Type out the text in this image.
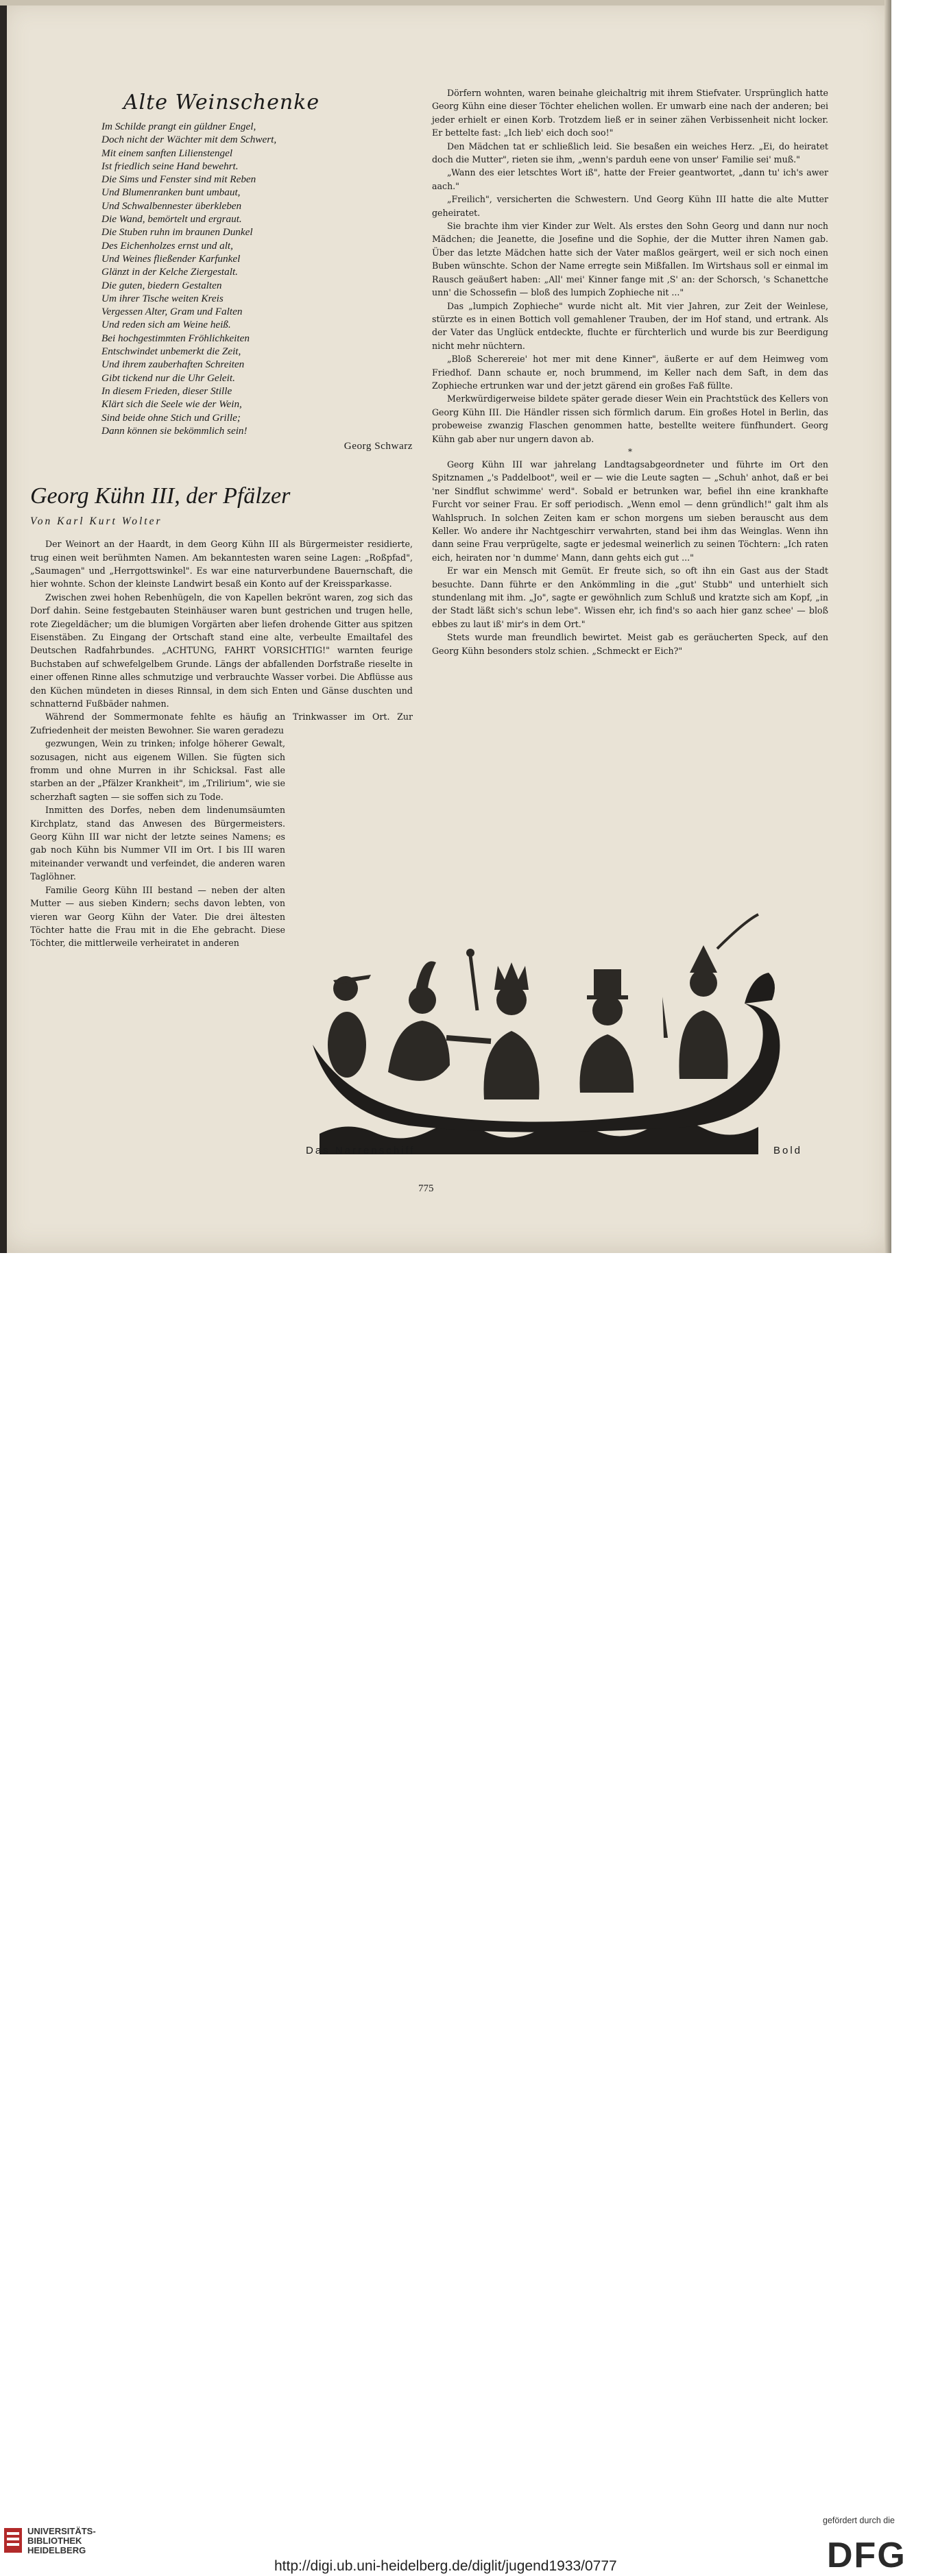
Alte Weinschenke
Im Schilde prangt ein güldner Engel,
Doch nicht der Wächter mit dem Schwert,
Mit einem sanften Lilienstengel
Ist friedlich seine Hand bewehrt.
Die Sims und Fenster sind mit Reben
Und Blumenranken bunt umbaut,
Und Schwalbennester überkleben
Die Wand, bemörtelt und ergraut.
Die Stuben ruhn im braunen Dunkel
Des Eichenholzes ernst und alt,
Und Weines fließender Karfunkel
Glänzt in der Kelche Ziergestalt.
Die guten, biedern Gestalten
Um ihrer Tische weiten Kreis
Vergessen Alter, Gram und Falten
Und reden sich am Weine heiß.
Bei hochgestimmten Fröhlichkeiten
Entschwindet unbemerkt die Zeit,
Und ihrem zauberhaften Schreiten
Gibt tickend nur die Uhr Geleit.
In diesem Frieden, dieser Stille
Klärt sich die Seele wie der Wein,
Sind beide ohne Stich und Grille;
Dann können sie bekömmlich sein!
Georg Schwarz
Georg Kühn III, der Pfälzer
Von Karl Kurt Wolter

Der Weinort an der Haardt, in dem Georg Kühn III als Bürgermeister residierte, trug einen weit berühmten Namen. Am bekanntesten waren seine Lagen: „Roßpfad", „Saumagen" und „Herrgottswinkel". Es war eine naturverbundene Bauernschaft, die hier wohnte. Schon der kleinste Landwirt besaß ein Konto auf der Kreissparkasse.

Zwischen zwei hohen Rebenhügeln, die von Kapellen bekrönt waren, zog sich das Dorf dahin. Seine festgebauten Steinhäuser waren bunt gestrichen und trugen helle, rote Ziegeldächer; um die blumigen Vorgärten aber liefen drohende Gitter aus spitzen Eisenstäben. Zu Eingang der Ortschaft stand eine alte, verbeulte Emailtafel des Deutschen Radfahrbundes. „ACHTUNG, FAHRT VORSICHTIG!" warnten feurige Buchstaben auf schwefelgelbem Grunde. Längs der abfallenden Dorfstraße rieselte in einer offenen Rinne alles schmutzige und verbrauchte Wasser vorbei. Die Abflüsse aus den Küchen mündeten in dieses Rinnsal, in dem sich Enten und Gänse duschten und schnatternd Fußbäder nahmen.

Während der Sommermonate fehlte es häufig an Trinkwasser im Ort. Zur Zufriedenheit der meisten Bewohner. Sie waren geradezu

gezwungen, Wein zu trinken; infolge höherer Gewalt, sozusagen, nicht aus eigenem Willen. Sie fügten sich fromm und ohne Murren in ihr Schicksal. Fast alle starben an der „Pfälzer Krankheit", im „Trilirium", wie sie scherzhaft sagten — sie soffen sich zu Tode.

Inmitten des Dorfes, neben dem lindenumsäumten Kirchplatz, stand das Anwesen des Bürgermeisters. Georg Kühn III war nicht der letzte seines Namens; es gab noch Kühn bis Nummer VII im Ort. I bis III waren miteinander verwandt und verfeindet, die anderen waren Taglöhner.

Familie Georg Kühn III bestand — neben der alten Mutter — aus sieben Kindern; sechs davon lebten, von vieren war Georg Kühn der Vater. Die drei ältesten Töchter hatte die Frau mit in die Ehe gebracht. Diese Töchter, die mittlerweile verheiratet in anderen

Dörfern wohnten, waren beinahe gleichaltrig mit ihrem Stiefvater. Ursprünglich hatte Georg Kühn eine dieser Töchter ehelichen wollen. Er umwarb eine nach der anderen; bei jeder erhielt er einen Korb. Trotzdem ließ er in seiner zähen Verbissenheit nicht locker. Er bettelte fast: „Ich lieb' eich doch soo!"

Den Mädchen tat er schließlich leid. Sie besaßen ein weiches Herz. „Ei, do heiratet doch die Mutter", rieten sie ihm, „wenn's parduh eene von unser' Familie sei' muß."

„Wann des eier letschtes Wort iß", hatte der Freier geantwortet, „dann tu' ich's awer aach."

„Freilich", versicherten die Schwestern. Und Georg Kühn III hatte die alte Mutter geheiratet.

Sie brachte ihm vier Kinder zur Welt. Als erstes den Sohn Georg und dann nur noch Mädchen; die Jeanette, die Josefine und die Sophie, der die Mutter ihren Namen gab. Über das letzte Mädchen hatte sich der Vater maßlos geärgert, weil er sich noch einen Buben wünschte. Schon der Name erregte sein Mißfallen. Im Wirtshaus soll er einmal im Rausch geäußert haben: „All' mei' Kinner fange mit ‚S' an: der Schorsch, 's Schanettche unn' die Schossefin — bloß des lumpich Zophieche nit ..."

Das „lumpich Zophieche" wurde nicht alt. Mit vier Jahren, zur Zeit der Weinlese, stürzte es in einen Bottich voll gemahlener Trauben, der im Hof stand, und ertrank. Als der Vater das Unglück entdeckte, fluchte er fürchterlich und wurde bis zur Beerdigung nicht mehr nüchtern.

„Bloß Scherereie' hot mer mit dene Kinner", äußerte er auf dem Heimweg vom Friedhof. Dann schaute er, noch brummend, im Keller nach dem Saft, in dem das Zophieche ertrunken war und der jetzt gärend ein großes Faß füllte.

Merkwürdigerweise bildete später gerade dieser Wein ein Prachtstück des Kellers von Georg Kühn III. Die Händler rissen sich förmlich darum. Ein großes Hotel in Berlin, das probeweise zwanzig Flaschen genommen hatte, bestellte weitere fünfhundert. Georg Kühn gab aber nur ungern davon ab.

*

Georg Kühn III war jahrelang Landtagsabgeordneter und führte im Ort den Spitznamen „'s Paddelboot", weil er — wie die Leute sagten — „Schuh' anhot, daß er bei 'ner Sindflut schwimme' werd". Sobald er betrunken war, befiel ihn eine krankhafte Furcht vor seiner Frau. Er soff periodisch. „Wenn emol — denn gründlich!" galt ihm als Wahlspruch. In solchen Zeiten kam er schon morgens um sieben berauscht aus dem Keller. Wo andere ihr Nachtgeschirr verwahrten, stand bei ihm das Weinglas. Wenn ihn dann seine Frau verprügelte, sagte er jedesmal weinerlich zu seinen Töchtern: „Ich raten eich, heiraten nor 'n dumme' Mann, dann gehts eich gut ..."

Er war ein Mensch mit Gemüt. Er freute sich, so oft ihn ein Gast aus der Stadt besuchte. Dann führte er den Ankömmling in die „gut' Stubb" und unterhielt sich stundenlang mit ihm. „Jo", sagte er gewöhnlich zum Schluß und kratzte sich am Kopf, „in der Stadt läßt sich's schun lebe". Wissen ehr, ich find's so aach hier ganz schee' — bloß ebbes zu laut iß' mir's in dem Ort."

Stets wurde man freundlich bewirtet. Meist gab es geräucherten Speck, auf den Georg Kühn besonders stolz schien. „Schmeckt er Eich?"

Das Narrenschiff	Bold
775
UNIVERSITÄTS-
BIBLIOTHEK
HEIDELBERG
http://digi.ub.uni-heidelberg.de/diglit/jugend1933/0777
gefördert durch die
DFG
